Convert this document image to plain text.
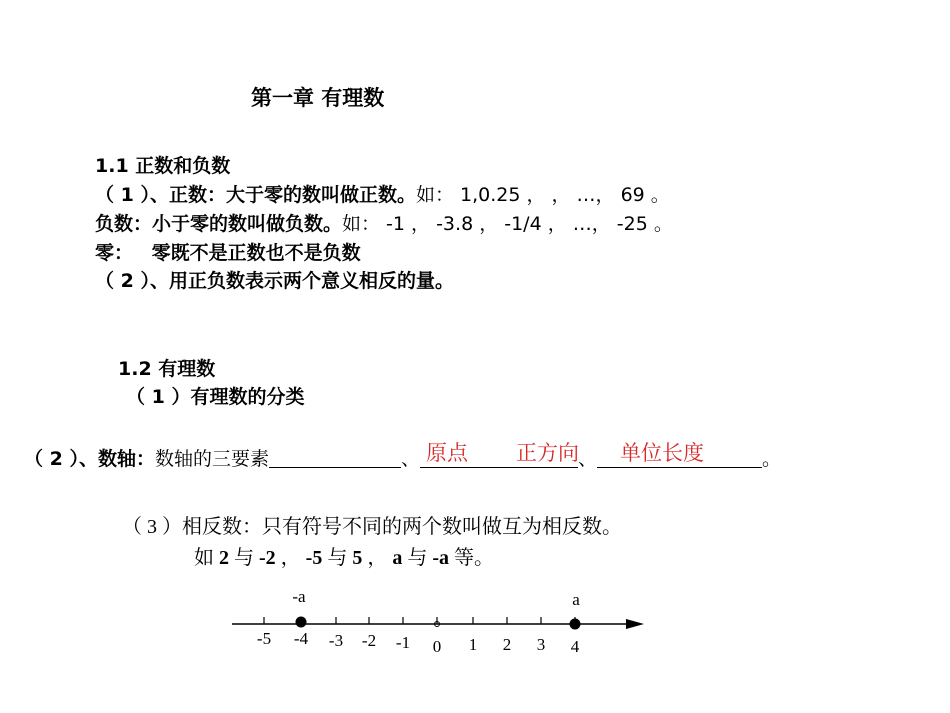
第一章 有理数
1.1 正数和负数
（ 1 ）、正数：大于零的数叫做正数。如： 1,0.25 ， ， …， 69 。
负数：小于零的数叫做负数。如： -1 ， -3.8 ， -1/4 ， …， -25 。
零： 零既不是正数也不是负数
（ 2 ）、用正负数表示两个意义相反的量。
1.2 有理数
（ 1 ）有理数的分类
（ 2 ）、数轴：数轴的三要素	、	、	。
原点 正方向 单位长度
（ 3 ）相反数：只有符号不同的两个数叫做互为相反数。
如 2 与 -2 ， -5 与 5 ， a 与 -a 等。
-5 -4 -3 -2 -1 0 1 2 3 4
-a	a
